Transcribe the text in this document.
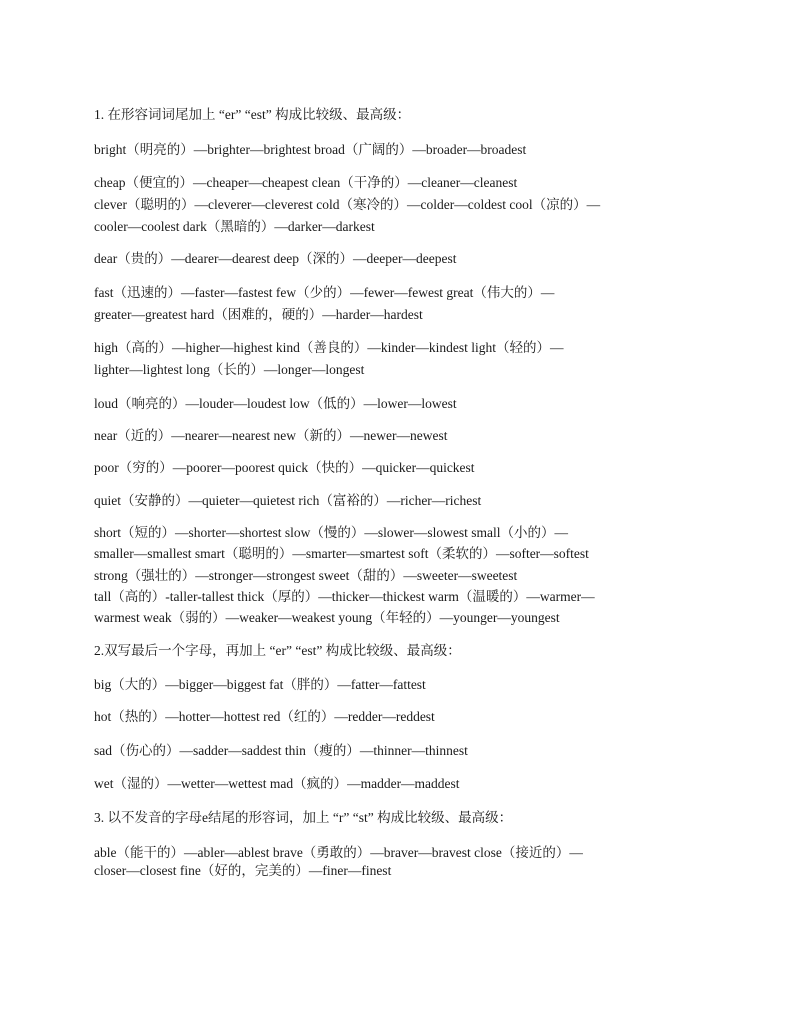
1. 在形容词词尾加上 “er” “est” 构成比较级、最高级：
bright（明亮的）—brighter—brightest broad（广阔的）—broader—broadest
cheap（便宜的）—cheaper—cheapest clean（干净的）—cleaner—cleanest
clever（聪明的）—cleverer—cleverest cold（寒冷的）—colder—coldest cool（凉的）—
cooler—coolest dark（黑暗的）—darker—darkest
dear（贵的）—dearer—dearest deep（深的）—deeper—deepest
fast（迅速的）—faster—fastest few（少的）—fewer—fewest great（伟大的）—
greater—greatest hard（困难的，硬的）—harder—hardest
high（高的）—higher—highest kind（善良的）—kinder—kindest light（轻的）—
lighter—lightest long（长的）—longer—longest
loud（响亮的）—louder—loudest low（低的）—lower—lowest
near（近的）—nearer—nearest new（新的）—newer—newest
poor（穷的）—poorer—poorest quick（快的）—quicker—quickest
quiet（安静的）—quieter—quietest rich（富裕的）—richer—richest
short（短的）—shorter—shortest slow（慢的）—slower—slowest small（小的）—
smaller—smallest smart（聪明的）—smarter—smartest soft（柔软的）—softer—softest
strong（强壮的）—stronger—strongest sweet（甜的）—sweeter—sweetest
tall（高的）-taller-tallest thick（厚的）—thicker—thickest warm（温暖的）—warmer—
warmest weak（弱的）—weaker—weakest young（年轻的）—younger—youngest
2.双写最后一个字母，再加上 “er” “est” 构成比较级、最高级：
big（大的）—bigger—biggest fat（胖的）—fatter—fattest
hot（热的）—hotter—hottest red（红的）—redder—reddest
sad（伤心的）—sadder—saddest thin（瘦的）—thinner—thinnest
wet（湿的）—wetter—wettest mad（疯的）—madder—maddest
3. 以不发音的字母e结尾的形容词，加上 “r” “st” 构成比较级、最高级：
able（能干的）—abler—ablest brave（勇敢的）—braver—bravest close（接近的）—
closer—closest fine（好的，完美的）—finer—finest
